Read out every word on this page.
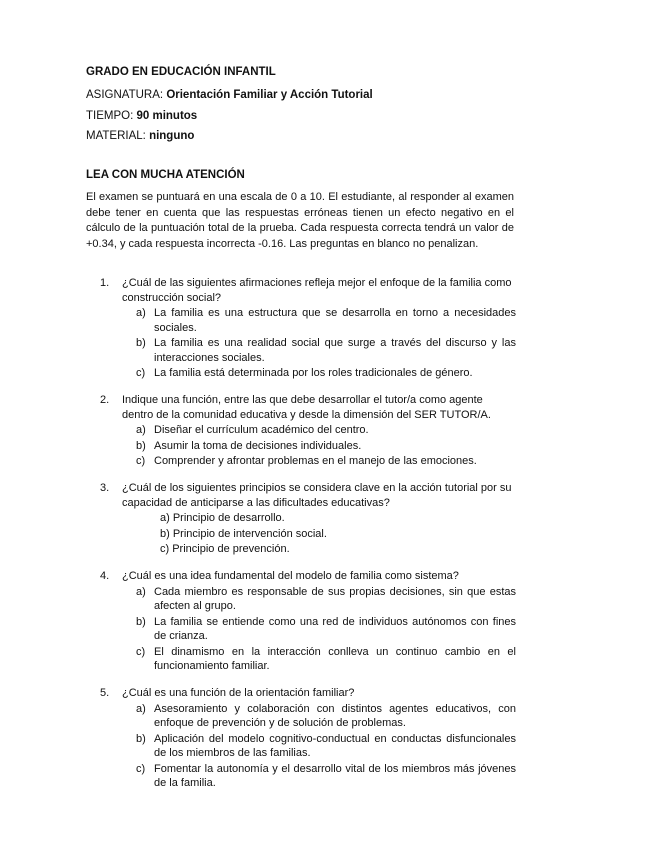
GRADO EN EDUCACIÓN INFANTIL

ASIGNATURA: Orientación Familiar y Acción Tutorial

TIEMPO: 90 minutos

MATERIAL: ninguno

LEA CON MUCHA ATENCIÓN

El examen se puntuará en una escala de 0 a 10. El estudiante, al responder al examen debe tener en cuenta que las respuestas erróneas tienen un efecto negativo en el cálculo de la puntuación total de la prueba. Cada respuesta correcta tendrá un valor de +0.34, y cada respuesta incorrecta -0.16. Las preguntas en blanco no penalizan.

1.	¿Cuál de las siguientes afirmaciones refleja mejor el enfoque de la familia como construcción social?
a) La familia es una estructura que se desarrolla en torno a necesidades sociales.
b) La familia es una realidad social que surge a través del discurso y las interacciones sociales.
c) La familia está determinada por los roles tradicionales de género.
2.	Indique una función, entre las que debe desarrollar el tutor/a como agente dentro de la comunidad educativa y desde la dimensión del SER TUTOR/A.
a) Diseñar el currículum académico del centro.
b) Asumir la toma de decisiones individuales.
c) Comprender y afrontar problemas en el manejo de las emociones.
3.	¿Cuál de los siguientes principios se considera clave en la acción tutorial por su capacidad de anticiparse a las dificultades educativas?
a) Principio de desarrollo.
b) Principio de intervención social.
c) Principio de prevención.
4.	¿Cuál es una idea fundamental del modelo de familia como sistema?
a) Cada miembro es responsable de sus propias decisiones, sin que estas afecten al grupo.
b) La familia se entiende como una red de individuos autónomos con fines de crianza.
c) El dinamismo en la interacción conlleva un continuo cambio en el funcionamiento familiar.
5.	¿Cuál es una función de la orientación familiar?
a) Asesoramiento y colaboración con distintos agentes educativos, con enfoque de prevención y de solución de problemas.
b) Aplicación del modelo cognitivo-conductual en conductas disfuncionales de los miembros de las familias.
c) Fomentar la autonomía y el desarrollo vital de los miembros más jóvenes de la familia.
